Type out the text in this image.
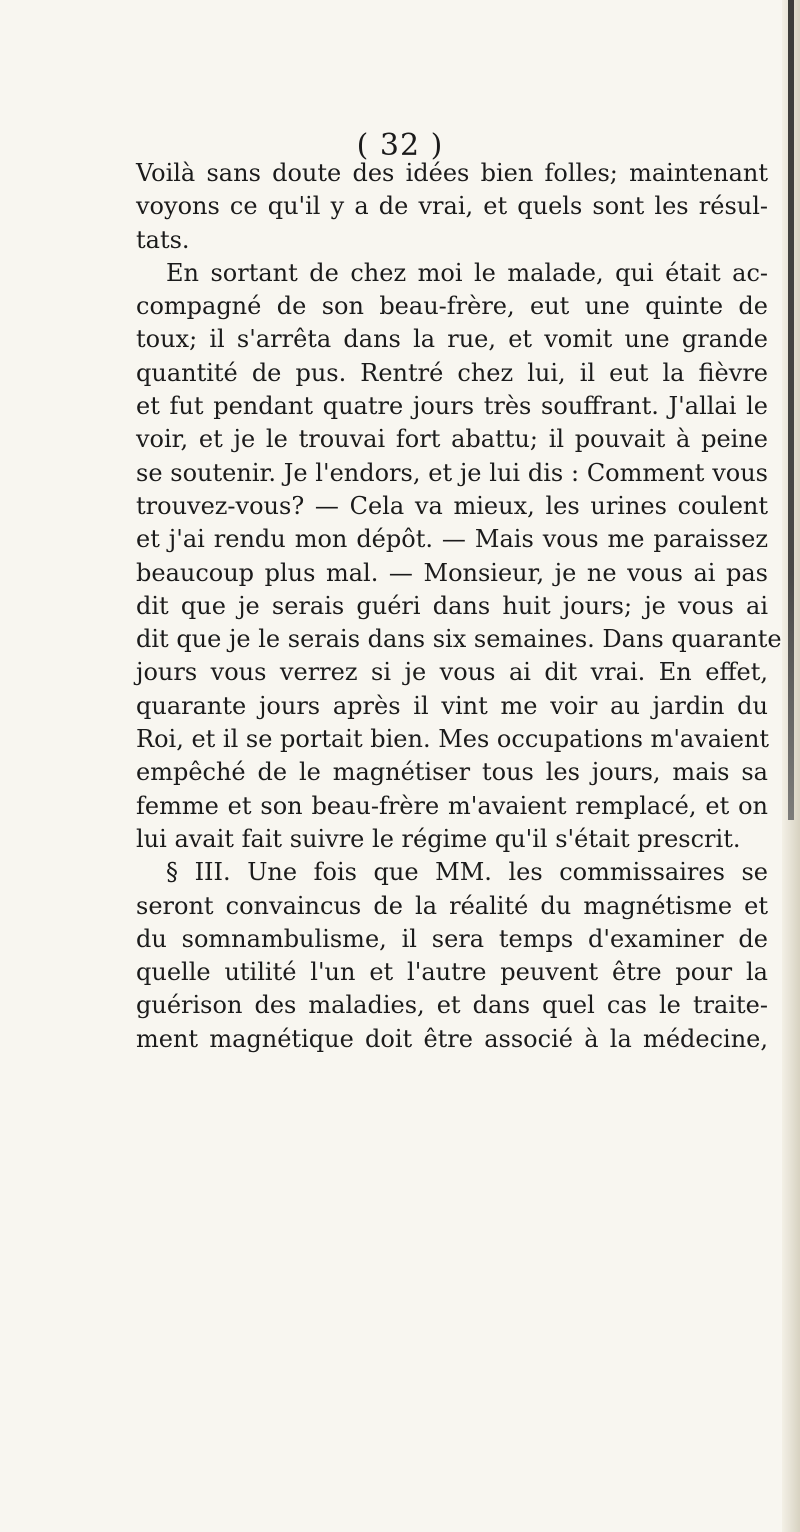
( 32 )
Voilà sans doute des idées bien folles; maintenant
voyons ce qu'il y a de vrai, et quels sont les résul-
tats.
En sortant de chez moi le malade, qui était ac-
compagné de son beau-frère, eut une quinte de
toux; il s'arrêta dans la rue, et vomit une grande
quantité de pus. Rentré chez lui, il eut la fièvre
et fut pendant quatre jours très souffrant. J'allai le
voir, et je le trouvai fort abattu; il pouvait à peine
se soutenir. Je l'endors, et je lui dis : Comment vous
trouvez-vous? — Cela va mieux, les urines coulent
et j'ai rendu mon dépôt. — Mais vous me paraissez
beaucoup plus mal. — Monsieur, je ne vous ai pas
dit que je serais guéri dans huit jours; je vous ai
dit que je le serais dans six semaines. Dans quarante
jours vous verrez si je vous ai dit vrai. En effet,
quarante jours après il vint me voir au jardin du
Roi, et il se portait bien. Mes occupations m'avaient
empêché de le magnétiser tous les jours, mais sa
femme et son beau-frère m'avaient remplacé, et on
lui avait fait suivre le régime qu'il s'était prescrit.
§ III. Une fois que MM. les commissaires se
seront convaincus de la réalité du magnétisme et
du somnambulisme, il sera temps d'examiner de
quelle utilité l'un et l'autre peuvent être pour la
guérison des maladies, et dans quel cas le traite-
ment magnétique doit être associé à la médecine,
